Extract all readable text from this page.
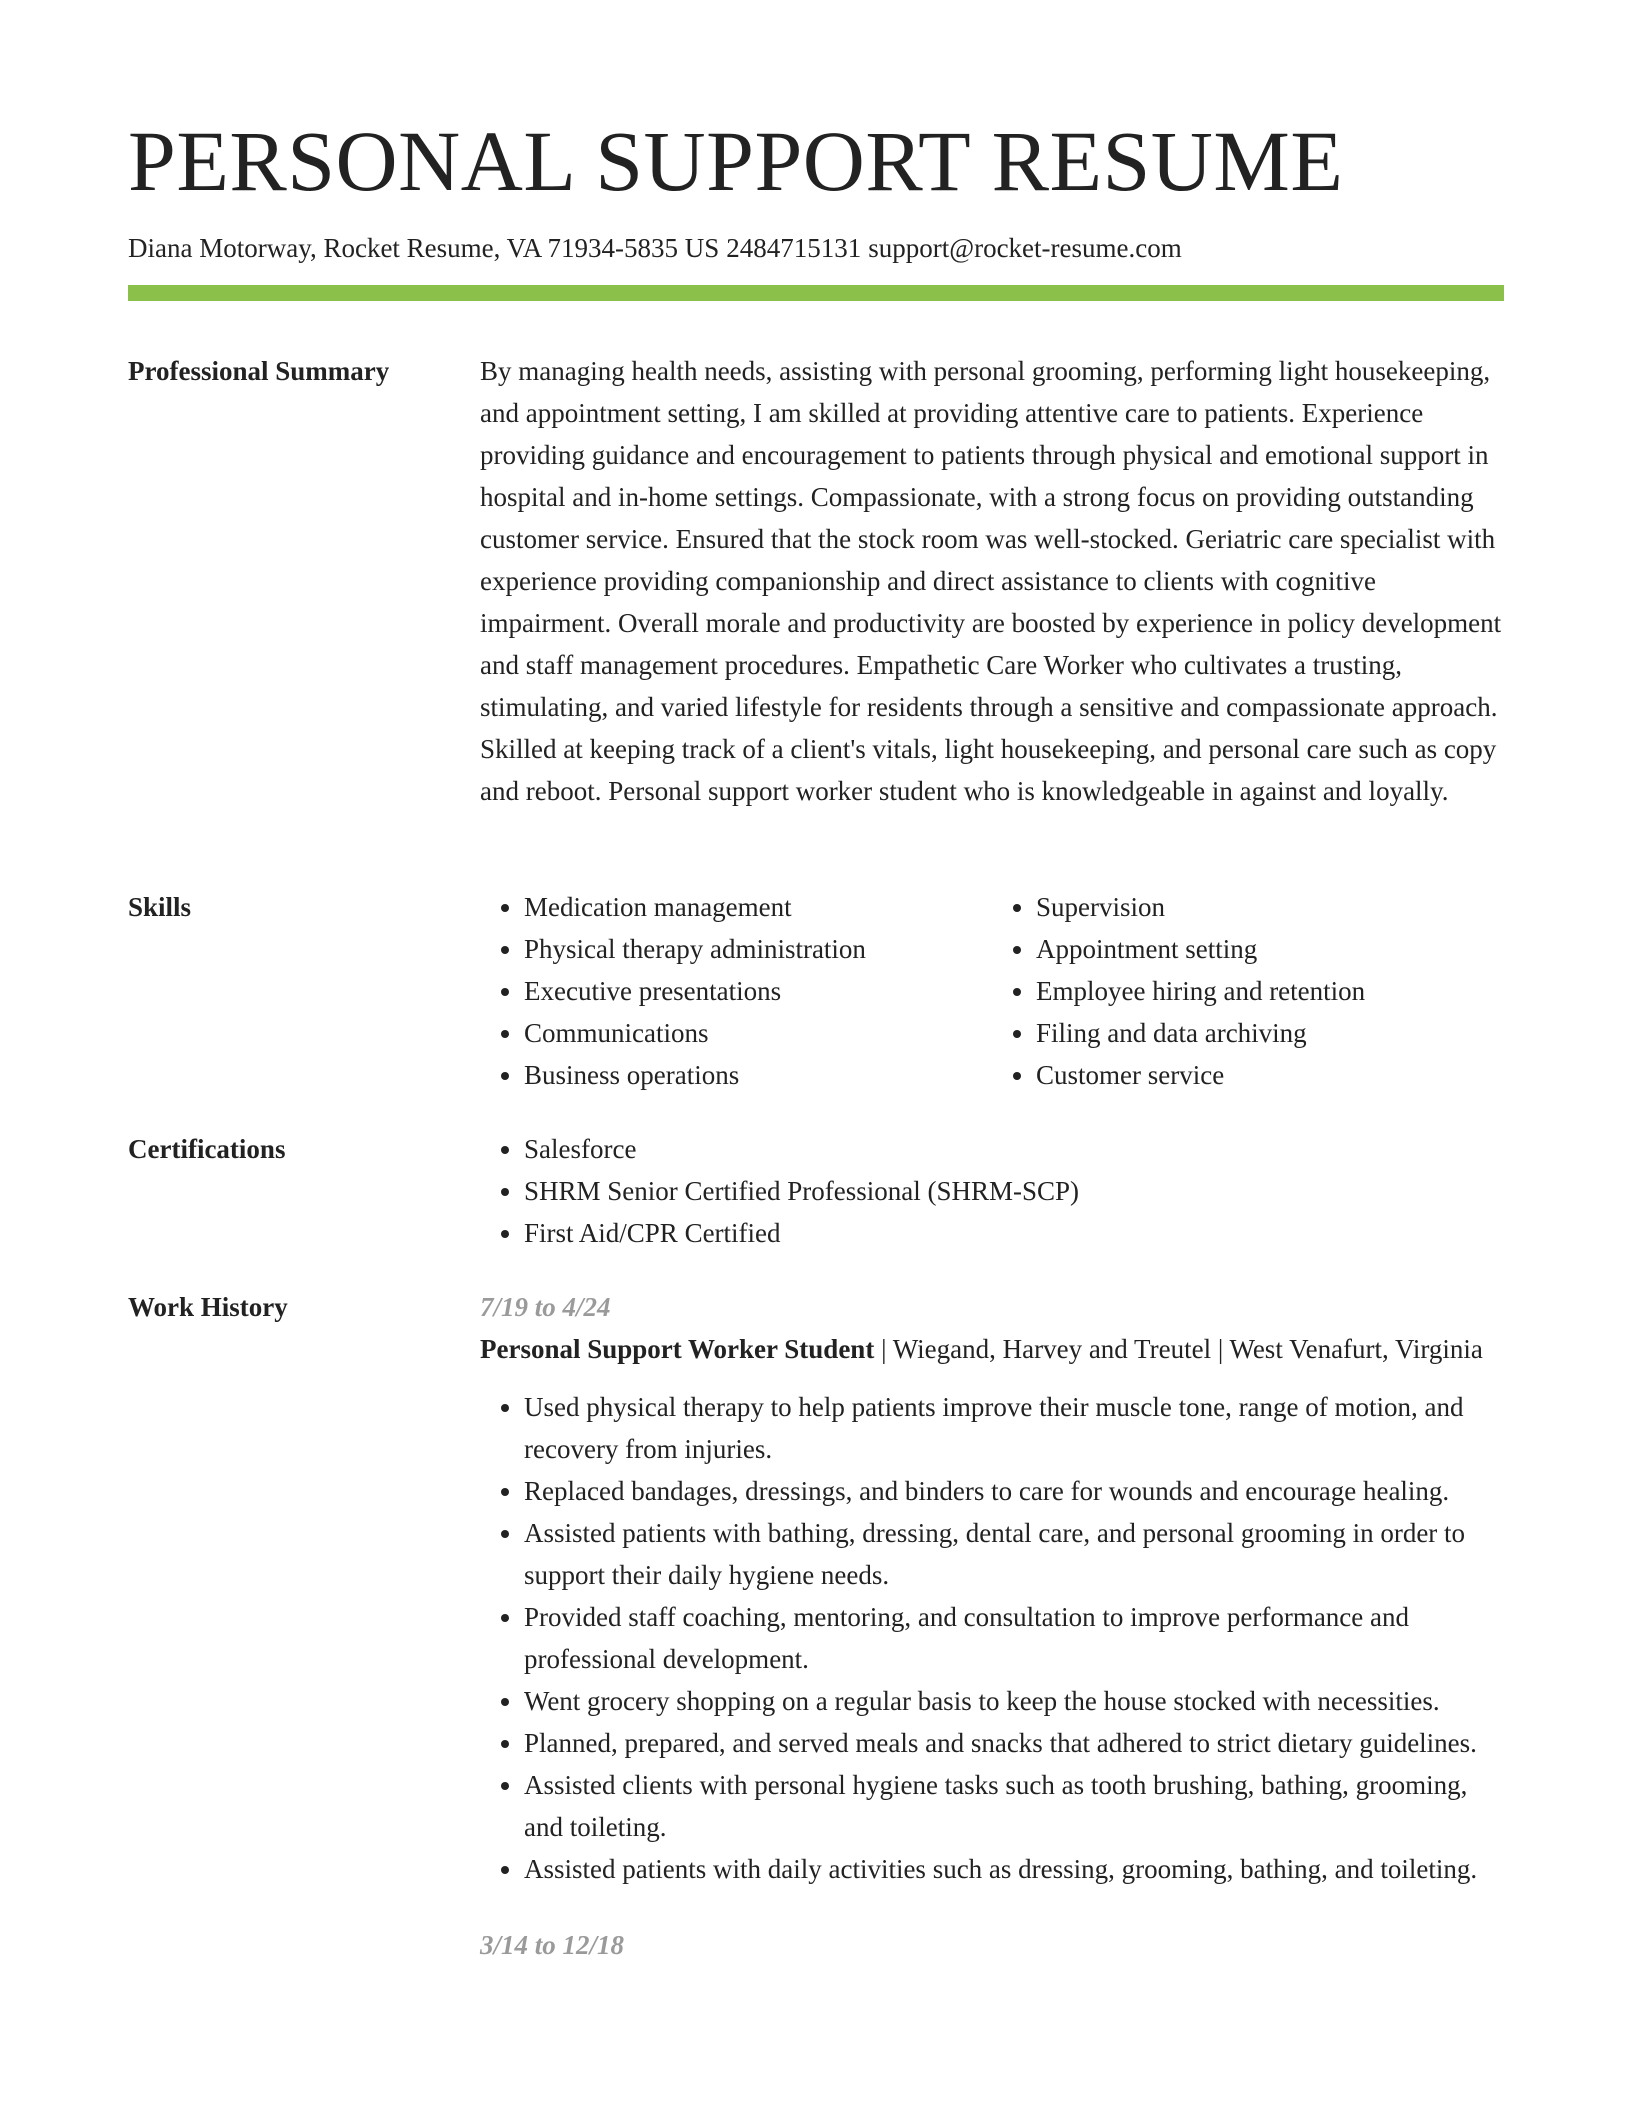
PERSONAL SUPPORT RESUME
Diana Motorway, Rocket Resume, VA 71934-5835 US 2484715131 support@rocket-resume.com
Professional Summary	By managing health needs, assisting with personal grooming, performing light housekeeping, and appointment setting, I am skilled at providing attentive care to patients. Experience providing guidance and encouragement to patients through physical and emotional support in hospital and in-home settings. Compassionate, with a strong focus on providing outstanding customer service. Ensured that the stock room was well-stocked. Geriatric care specialist with experience providing companionship and direct assistance to clients with cognitive impairment. Overall morale and productivity are boosted by experience in policy development and staff management procedures. Empathetic Care Worker who cultivates a trusting, stimulating, and varied lifestyle for residents through a sensitive and compassionate approach. Skilled at keeping track of a client's vitals, light housekeeping, and personal care such as copy and reboot. Personal support worker student who is knowledgeable in against and loyally.

Skills	• Medication management
• Physical therapy administration
• Executive presentations
• Communications
• Business operations
• Supervision
• Appointment setting
• Employee hiring and retention
• Filing and data archiving
• Customer service
Certifications	• Salesforce
• SHRM Senior Certified Professional (SHRM-SCP)
• First Aid/CPR Certified
Work History	7/19 to 4/24

Personal Support Worker Student | Wiegand, Harvey and Treutel | West Venafurt, Virginia

• Used physical therapy to help patients improve their muscle tone, range of motion, and recovery from injuries.
• Replaced bandages, dressings, and binders to care for wounds and encourage healing.
• Assisted patients with bathing, dressing, dental care, and personal grooming in order to support their daily hygiene needs.
• Provided staff coaching, mentoring, and consultation to improve performance and professional development.
• Went grocery shopping on a regular basis to keep the house stocked with necessities.
• Planned, prepared, and served meals and snacks that adhered to strict dietary guidelines.
• Assisted clients with personal hygiene tasks such as tooth brushing, bathing, grooming, and toileting.
• Assisted patients with daily activities such as dressing, grooming, bathing, and toileting.
3/14 to 12/18
